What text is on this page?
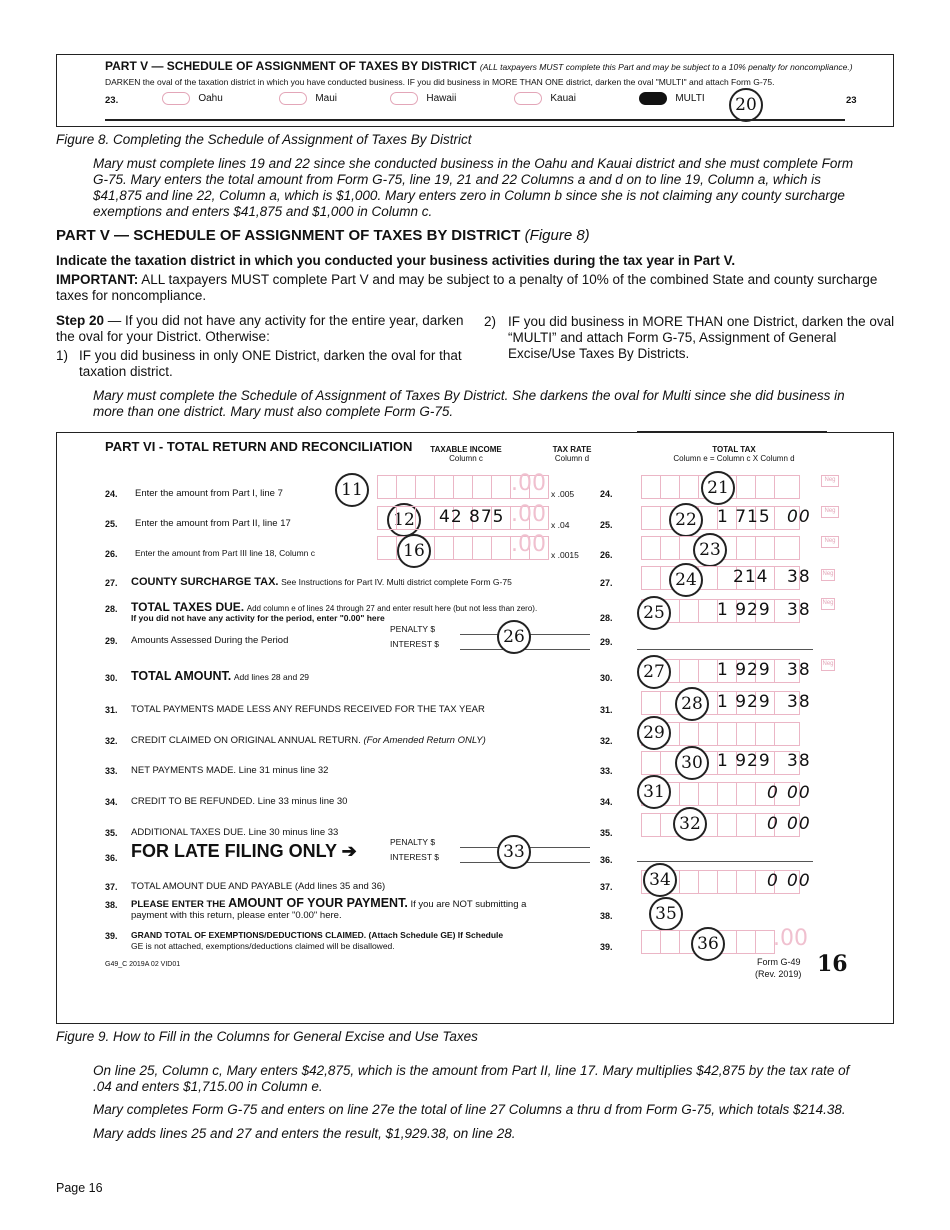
PART V — SCHEDULE OF ASSIGNMENT OF TAXES BY DISTRICT (ALL taxpayers MUST complete this Part and may be subject to a 10% penalty for noncompliance.)
DARKEN the oval of the taxation district in which you have conducted business. IF you did business in MORE THAN ONE district, darken the oval "MULTI" and attach Form G-75.
23.	Oahu	Maui	Hawaii	Kauai	MULTI	20	23
Figure 8. Completing the Schedule of Assignment of Taxes By District
Mary must complete lines 19 and 22 since she conducted business in the Oahu and Kauai district and she must complete Form G-75. Mary enters the total amount from Form G-75, line 19, 21 and 22 Columns a and d on to line 19, Column a, which is $41,875 and line 22, Column a, which is $1,000. Mary enters zero in Column b since she is not claiming any county surcharge exemptions and enters $41,875 and $1,000 in Column c.
PART V — SCHEDULE OF ASSIGNMENT OF TAXES BY DISTRICT (Figure 8)
Indicate the taxation district in which you conducted your business activities during the tax year in Part V.
IMPORTANT: ALL taxpayers MUST complete Part V and may be subject to a penalty of 10% of the combined State and county surcharge taxes for noncompliance.
Step 20 — If you did not have any activity for the entire year, darken the oval for your District. Otherwise:
1) IF you did business in only ONE District, darken the oval for that taxation district.
2) IF you did business in MORE THAN one District, darken the oval “MULTI” and attach Form G-75, Assignment of General Excise/Use Taxes By Districts.
Mary must complete the Schedule of Assignment of Taxes By District. She darkens the oval for Multi since she did business in more than one district. Mary must also complete Form G-75.
PART VI - TOTAL RETURN AND RECONCILIATION TAXABLE INCOME
Column c
TAX RATE
Column d
TOTAL TAX
Column e = Column c X Column d
24. Enter the amount from Part I, line 7	11	.00 x .005	24.	21	Neg
25. Enter the amount from Part II, line 17	12	42 875 .00 x .04	25.	22	1 715 00	Neg
26. Enter the amount from Part III line 18, Column c	16	.00 x .0015 26.	23	Neg
27. COUNTY SURCHARGE TAX. See Instructions for Part IV. Multi district complete Form G-75	27.	24	214 38 Neg
28. TOTAL TAXES DUE. Add column e of lines 24 through 27 and enter result here (but not less than zero).
If you did not have any activity for the period, enter "0.00" here	28.	25	1 929 38 Neg
29. Amounts Assessed During the Period
PENALTY $
INTEREST $	26	29.
30. TOTAL AMOUNT. Add lines 28 and 29	30.	27	1 929 38 Neg
31. TOTAL PAYMENTS MADE LESS ANY REFUNDS RECEIVED FOR THE TAX YEAR	31.	28 1 929 38
32. CREDIT CLAIMED ON ORIGINAL ANNUAL RETURN. (For Amended Return ONLY)	32.	29
33. NET PAYMENTS MADE. Line 31 minus line 32	33.	30 1 929 38
34. CREDIT TO BE REFUNDED. Line 33 minus line 30	34.	31	0 00
35. ADDITIONAL TAXES DUE. Line 30 minus line 33	35.	32	0 00
36. FOR LATE FILING ONLY ➔	PENALTY $
INTEREST $	33	36.
37. TOTAL AMOUNT DUE AND PAYABLE (Add lines 35 and 36)	37.	34	0 00
38. PLEASE ENTER THE AMOUNT OF YOUR PAYMENT. If you are NOT submitting a
payment with this return, please enter "0.00" here.	38.	35
39. GRAND TOTAL OF EXEMPTIONS/DEDUCTIONS CLAIMED. (Attach Schedule GE) If Schedule
GE is not attached, exemptions/deductions claimed will be disallowed.	39.	36 .00
G49_C 2019A 02 VID01	Form G-49
(Rev. 2019) 16
Figure 9. How to Fill in the Columns for General Excise and Use Taxes
On line 25, Column c, Mary enters $42,875, which is the amount from Part II, line 17. Mary multiplies $42,875 by the tax rate of .04 and enters $1,715.00 in Column e.
Mary completes Form G-75 and enters on line 27e the total of line 27 Columns a thru d from Form G-75, which totals $214.38.
Mary adds lines 25 and 27 and enters the result, $1,929.38, on line 28.
Page 16
